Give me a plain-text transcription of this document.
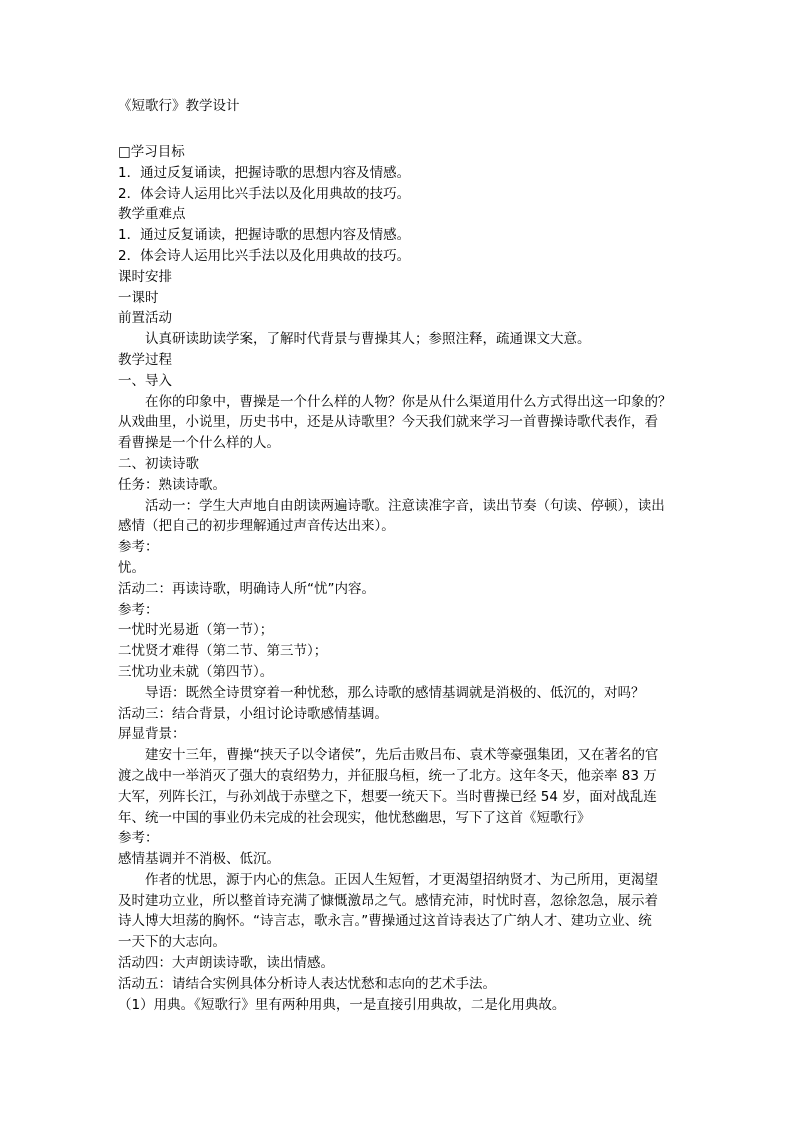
《短歌行》教学设计
□学习目标
1．通过反复诵读，把握诗歌的思想内容及情感。
2．体会诗人运用比兴手法以及化用典故的技巧。
教学重难点
1．通过反复诵读，把握诗歌的思想内容及情感。
2．体会诗人运用比兴手法以及化用典故的技巧。
课时安排
一课时
前置活动
认真研读助读学案，了解时代背景与曹操其人；参照注释，疏通课文大意。
教学过程
一、导入
在你的印象中，曹操是一个什么样的人物？你是从什么渠道用什么方式得出这一印象的？
从戏曲里，小说里，历史书中，还是从诗歌里？今天我们就来学习一首曹操诗歌代表作，看
看曹操是一个什么样的人。
二、初读诗歌
任务：熟读诗歌。
活动一：学生大声地自由朗读两遍诗歌。注意读准字音，读出节奏（句读、停顿），读出
感情（把自己的初步理解通过声音传达出来）。
参考：
忧。
活动二：再读诗歌，明确诗人所“忧”内容。
参考：
一忧时光易逝（第一节）；
二忧贤才难得（第二节、第三节）；
三忧功业未就（第四节）。
导语：既然全诗贯穿着一种忧愁，那么诗歌的感情基调就是消极的、低沉的，对吗？
活动三：结合背景，小组讨论诗歌感情基调。
屏显背景：
建安十三年，曹操“挟天子以令诸侯”，先后击败吕布、袁术等豪强集团，又在著名的官
渡之战中一举消灭了强大的袁绍势力，并征服乌桓，统一了北方。这年冬天，他亲率 83 万
大军，列阵长江，与孙刘战于赤壁之下，想要一统天下。当时曹操已经 54 岁，面对战乱连
年、统一中国的事业仍未完成的社会现实，他忧愁幽思，写下了这首《短歌行》
参考：
感情基调并不消极、低沉。
作者的忧思，源于内心的焦急。正因人生短暂，才更渴望招纳贤才、为己所用，更渴望
及时建功立业，所以整首诗充满了慷慨激昂之气。感情充沛，时忧时喜，忽徐忽急，展示着
诗人博大坦荡的胸怀。“诗言志，歌永言。”曹操通过这首诗表达了广纳人才、建功立业、统
一天下的大志向。
活动四：大声朗读诗歌，读出情感。
活动五：请结合实例具体分析诗人表达忧愁和志向的艺术手法。
（1）用典。《短歌行》里有两种用典，一是直接引用典故，二是化用典故。
